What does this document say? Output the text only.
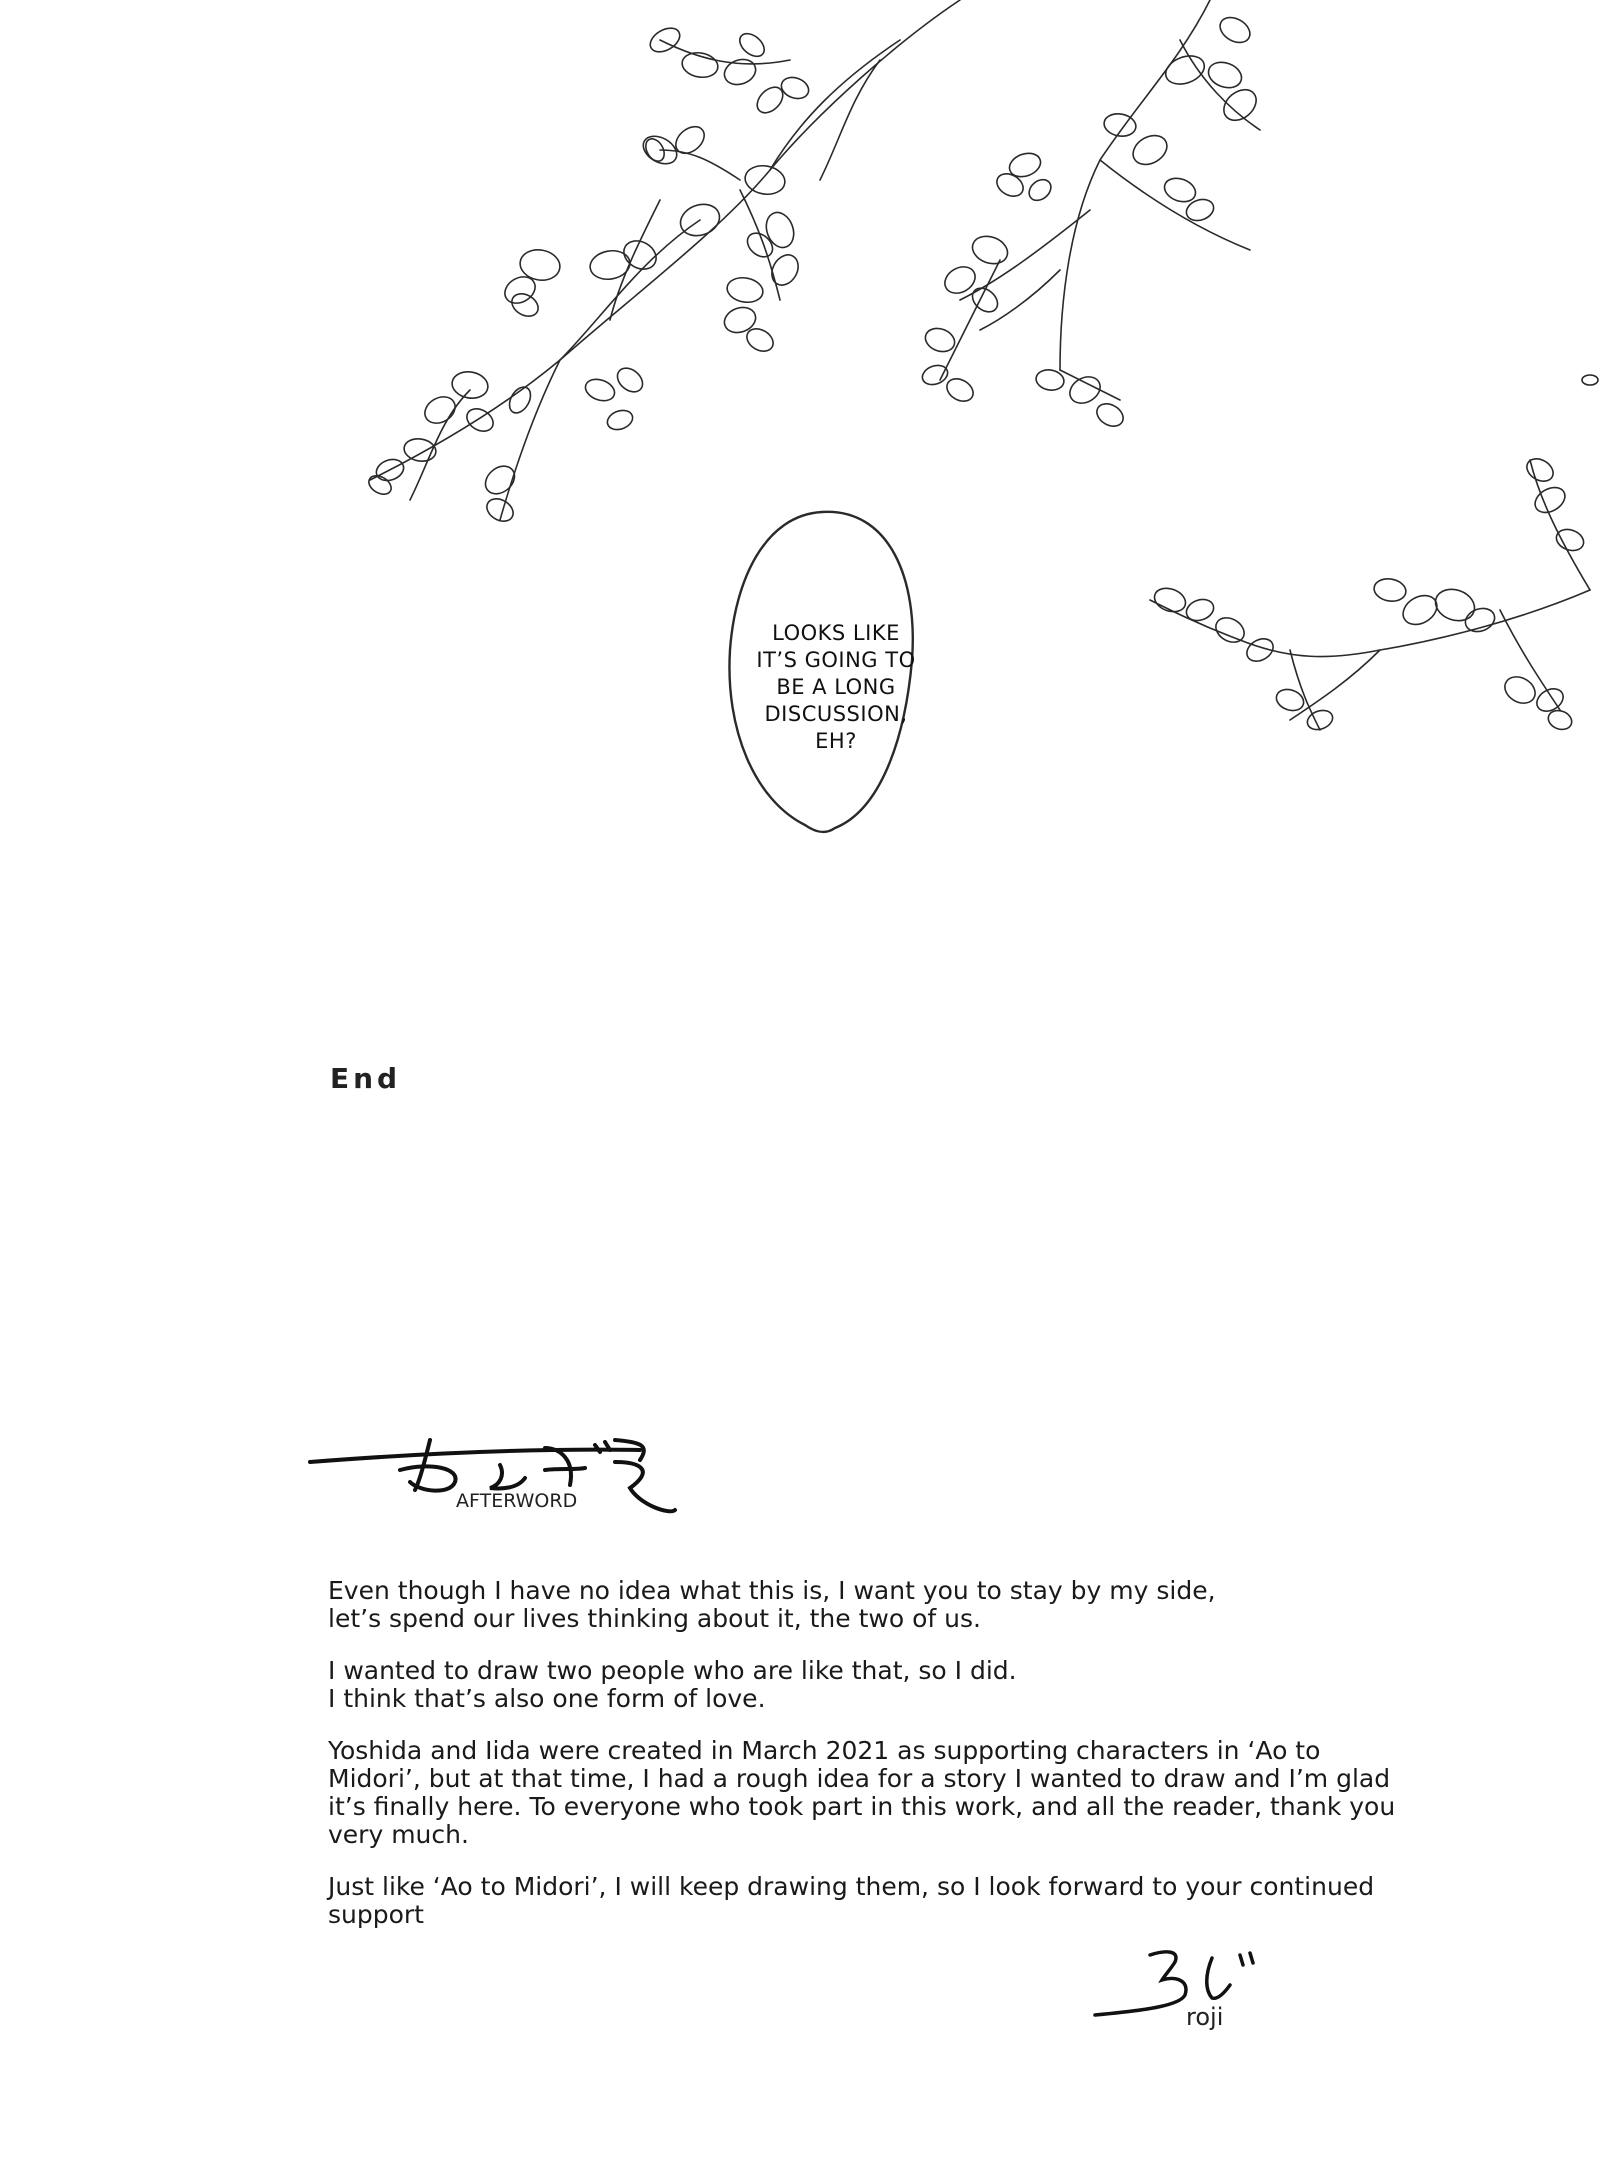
LOOKS LIKE
IT’S GOING TO
BE A LONG
DISCUSSION,
EH?
End
AFTERWORD

Even though I have no idea what this is, I want you to stay by my side,
let’s spend our lives thinking about it, the two of us.

I wanted to draw two people who are like that, so I did.
I think that’s also one form of love.

Yoshida and Iida were created in March 2021 as supporting characters in ‘Ao to
Midori’, but at that time, I had a rough idea for a story I wanted to draw and I’m glad
it’s finally here. To everyone who took part in this work, and all the reader, thank you
very much.

Just like ‘Ao to Midori’, I will keep drawing them, so I look forward to your continued
support

roji
